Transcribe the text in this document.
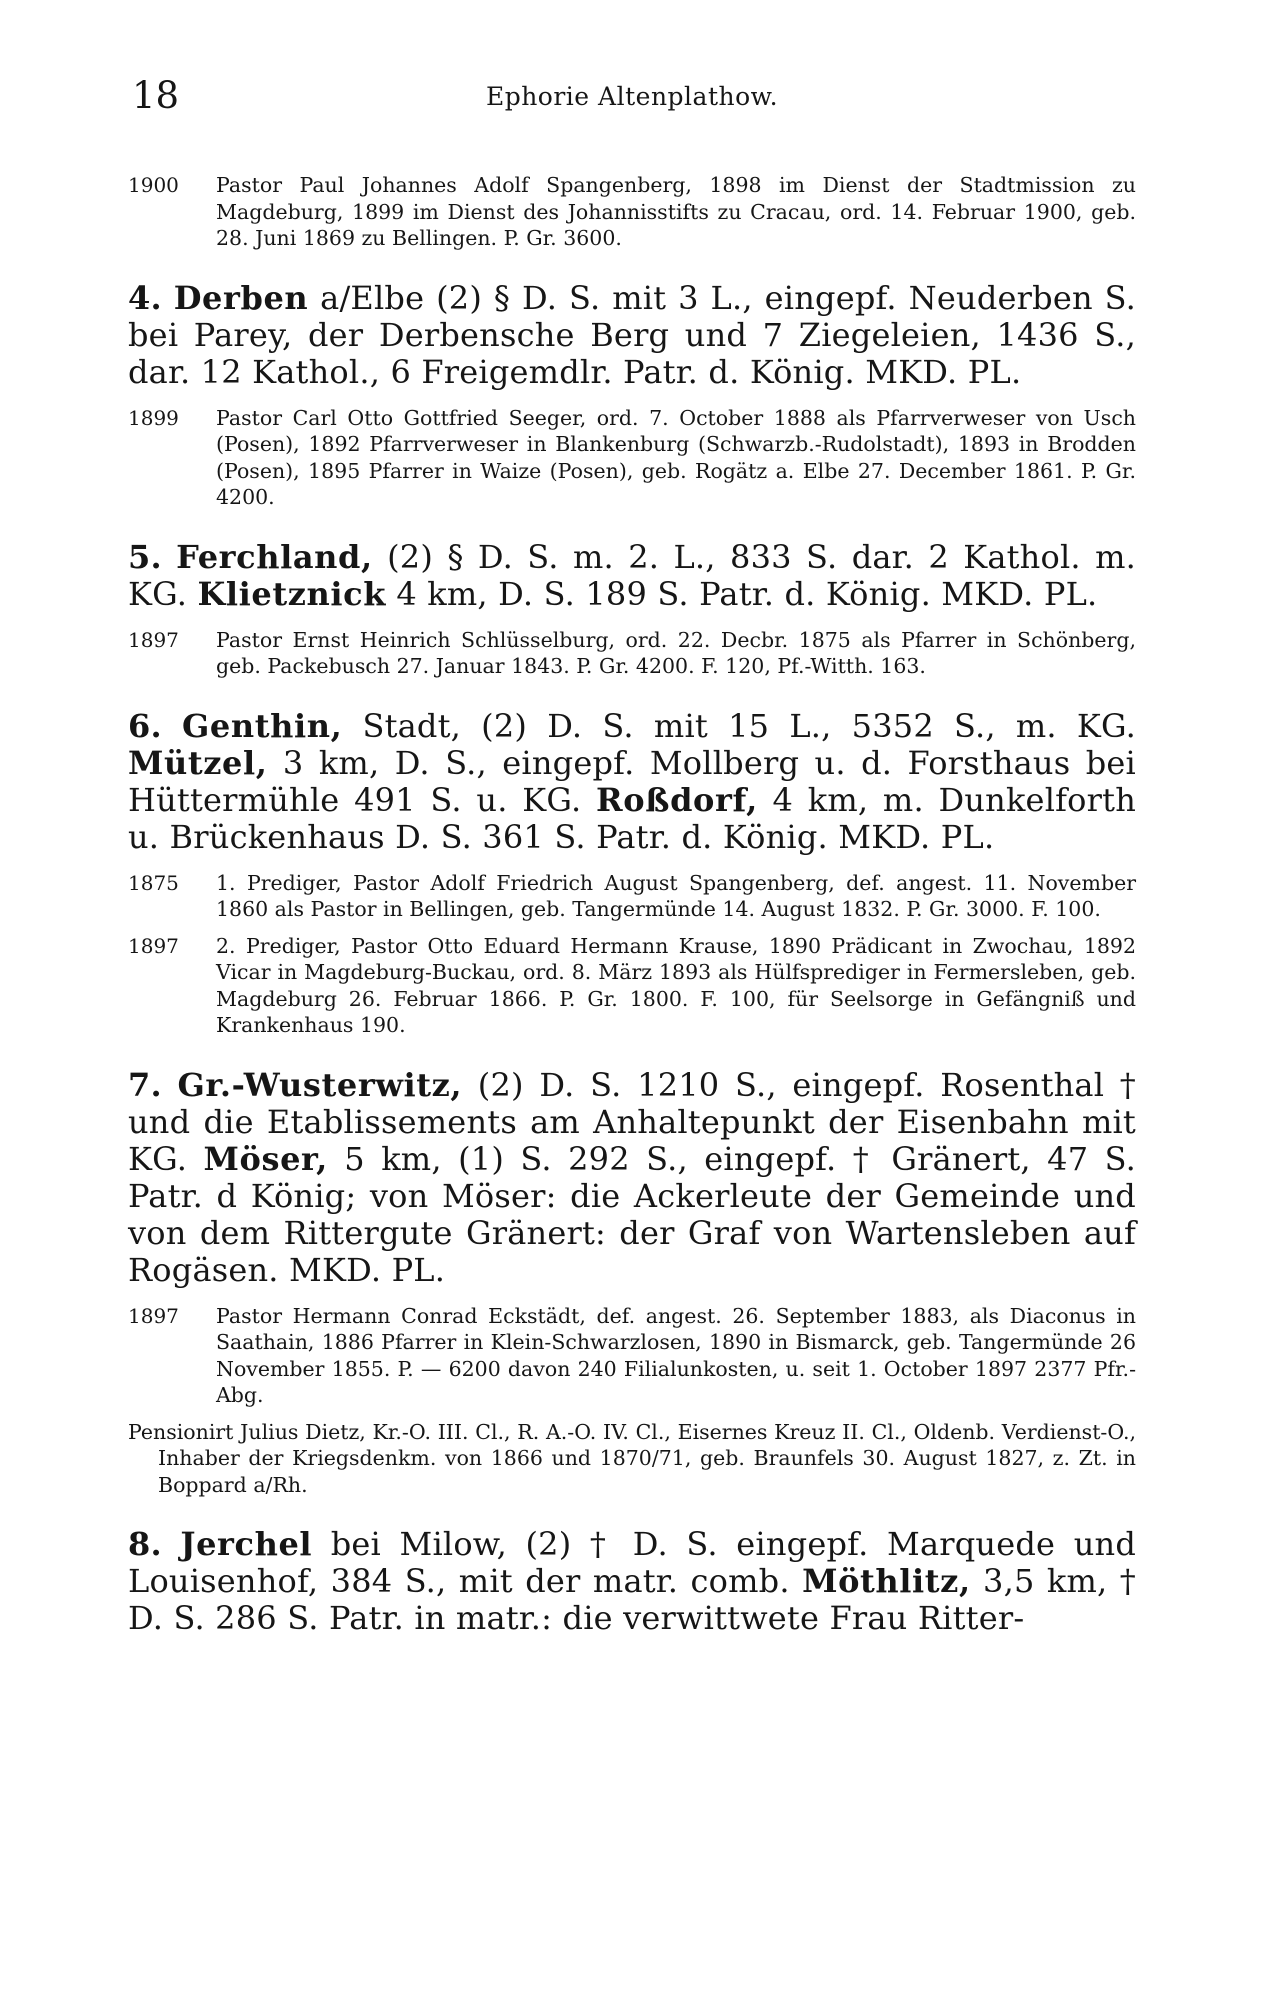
18	Ephorie Altenplathow.
1900 Pastor Paul Johannes Adolf Spangenberg, 1898 im Dienst der Stadtmission zu Magdeburg, 1899 im Dienst des Johannisstifts zu Cracau, ord. 14. Februar 1900, geb. 28. Juni 1869 zu Bellingen. P. Gr. 3600.

4. Derben a/Elbe (2) § D. S. mit 3 L., eingepf. Neuderben S. bei Parey, der Derbensche Berg und 7 Ziegeleien, 1436 S., dar. 12 Kathol., 6 Freigemdlr. Patr. d. König. MKD. PL.

1899 Pastor Carl Otto Gottfried Seeger, ord. 7. October 1888 als Pfarrverweser von Usch (Posen), 1892 Pfarrverweser in Blankenburg (Schwarzb.-Rudolstadt), 1893 in Brodden (Posen), 1895 Pfarrer in Waize (Posen), geb. Rogätz a. Elbe 27. December 1861. P. Gr. 4200.

5. Ferchland, (2) § D. S. m. 2. L., 833 S. dar. 2 Kathol. m. KG. Klietznick 4 km, D. S. 189 S. Patr. d. König. MKD. PL.

1897 Pastor Ernst Heinrich Schlüsselburg, ord. 22. Decbr. 1875 als Pfarrer in Schönberg, geb. Packebusch 27. Januar 1843. P. Gr. 4200. F. 120, Pf.-Witth. 163.

6. Genthin, Stadt, (2) D. S. mit 15 L., 5352 S., m. KG. Mützel, 3 km, D. S., eingepf. Mollberg u. d. Forsthaus bei Hüttermühle 491 S. u. KG. Roßdorf, 4 km, m. Dunkelforth u. Brückenhaus D. S. 361 S. Patr. d. König. MKD. PL.

1875 1. Prediger, Pastor Adolf Friedrich August Spangenberg, def. angest. 11. November 1860 als Pastor in Bellingen, geb. Tangermünde 14. August 1832. P. Gr. 3000. F. 100.
1897 2. Prediger, Pastor Otto Eduard Hermann Krause, 1890 Prädicant in Zwochau, 1892 Vicar in Magdeburg-Buckau, ord. 8. März 1893 als Hülfsprediger in Fermersleben, geb. Magdeburg 26. Februar 1866. P. Gr. 1800. F. 100, für Seelsorge in Gefängniß und Krankenhaus 190.

7. Gr.-Wusterwitz, (2) D. S. 1210 S., eingepf. Rosenthal † und die Etablissements am Anhaltepunkt der Eisenbahn mit KG. Möser, 5 km, (1) S. 292 S., eingepf. † Gränert, 47 S. Patr. d König; von Möser: die Ackerleute der Gemeinde und von dem Rittergute Gränert: der Graf von Wartensleben auf Rogäsen. MKD. PL.

1897 Pastor Hermann Conrad Eckstädt, def. angest. 26. September 1883, als Diaconus in Saathain, 1886 Pfarrer in Klein-Schwarzlosen, 1890 in Bismarck, geb. Tangermünde 26 November 1855. P. — 6200 davon 240 Filialunkosten, u. seit 1. October 1897 2377 Pfr.-Abg.
Pensionirt Julius Dietz, Kr.-O. III. Cl., R. A.-O. IV. Cl., Eisernes Kreuz II. Cl., Oldenb. Verdienst-O., Inhaber der Kriegsdenkm. von 1866 und 1870/71, geb. Braunfels 30. August 1827, z. Zt. in Boppard a/Rh.

8. Jerchel bei Milow, (2) † D. S. eingepf. Marquede und Louisenhof, 384 S., mit der matr. comb. Möthlitz, 3,5 km, † D. S. 286 S. Patr. in matr.: die verwittwete Frau Ritter-
